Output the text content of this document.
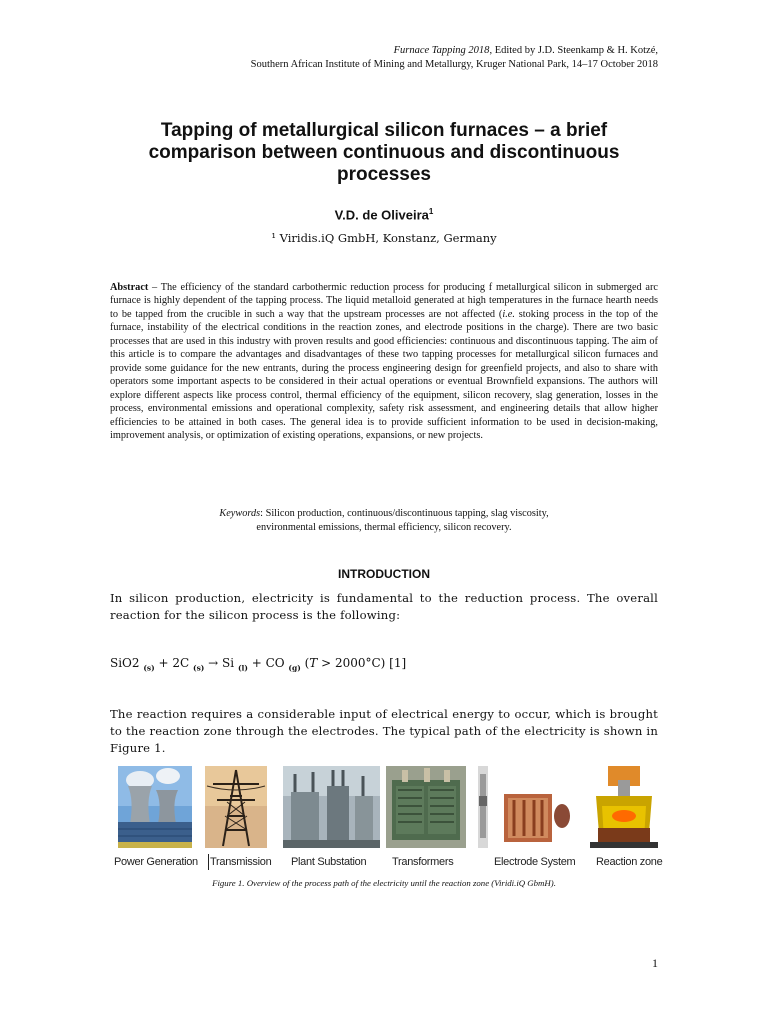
Furnace Tapping 2018, Edited by J.D. Steenkamp & H. Kotzé,
Southern African Institute of Mining and Metallurgy, Kruger National Park, 14–17 October 2018
Tapping of metallurgical silicon furnaces – a brief comparison between continuous and discontinuous processes
V.D. de Oliveira$^1$
¹ Viridis.iQ GmbH, Konstanz, Germany
Abstract – The efficiency of the standard carbothermic reduction process for producing f metallurgical silicon in submerged arc furnace is highly dependent of the tapping process. The liquid metalloid generated at high temperatures in the furnace hearth needs to be tapped from the crucible in such a way that the upstream processes are not affected (i.e. stoking process in the top of the furnace, instability of the electrical conditions in the reaction zones, and electrode positions in the charge). There are two basic processes that are used in this industry with proven results and good efficiencies: continuous and discontinuous tapping. The aim of this article is to compare the advantages and disadvantages of these two tapping processes for metallurgical silicon furnaces and provide some guidance for the new entrants, during the process engineering design for greenfield projects, and also to share with operators some important aspects to be considered in their actual operations or eventual Brownfield expansions. The authors will explore different aspects like process control, thermal efficiency of the equipment, silicon recovery, slag generation, losses in the process, environmental emissions and operational complexity, safety risk assessment, and engineering details that allow higher efficiencies to be attained in both cases. The general idea is to provide sufficient information to be used in decision-making, improvement analysis, or optimization of existing operations, expansions, or new projects.
Keywords: Silicon production, continuous/discontinuous tapping, slag viscosity,
environmental emissions, thermal efficiency, silicon recovery.
INTRODUCTION
In silicon production, electricity is fundamental to the reduction process. The overall reaction for the silicon process is the following:
SiO2 $_{(s)}$ + 2C $_{(s)}$ → Si $_{(l)}$ + CO $_{(g)}$ (T > 2000°C) [1]
The reaction requires a considerable input of electrical energy to occur, which is brought to the reaction zone through the electrodes. The typical path of the electricity is shown in Figure 1.
Power Generation Transmission Plant Substation Transformers	Electrode System Reaction zone
Figure 1. Overview of the process path of the electricity until the reaction zone (Viridi.iQ GbmH).
1
